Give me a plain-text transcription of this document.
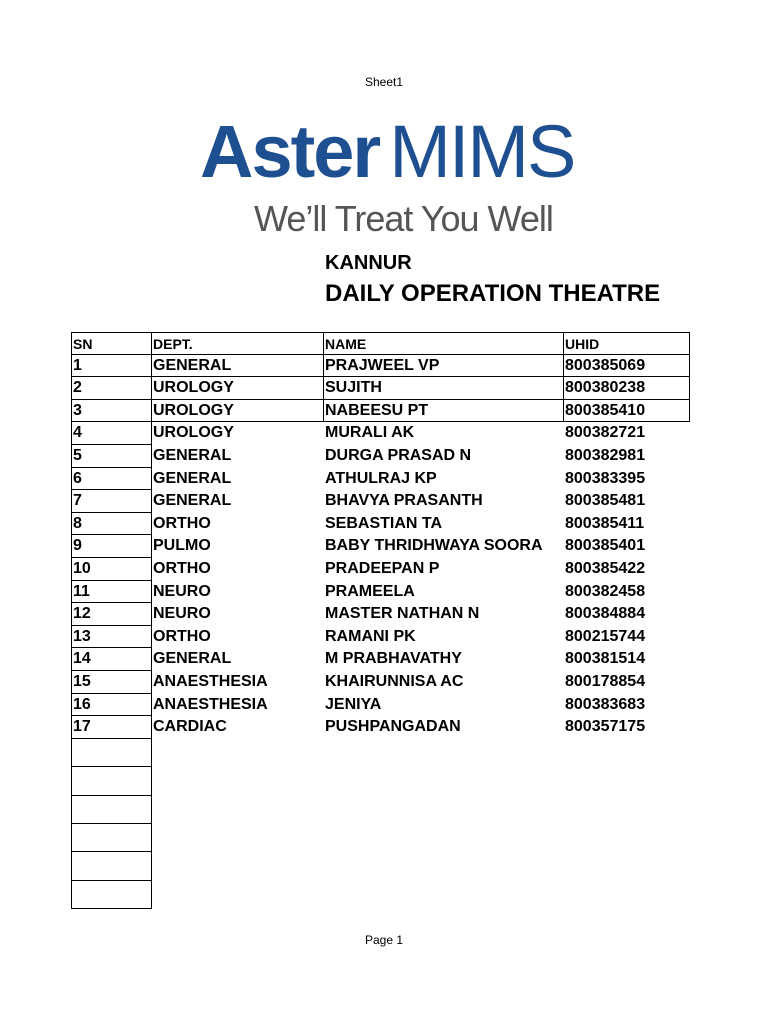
Sheet1
Aster MIMS
We’ll Treat You Well
KANNUR
DAILY OPERATION THEATRE
SN	DEPT.	NAME	UHID
1	GENERAL	PRAJWEEL VP	800385069
2	UROLOGY	SUJITH	800380238
3	UROLOGY	NABEESU PT	800385410
4	UROLOGY	MURALI AK	800382721
5	GENERAL	DURGA PRASAD N	800382981
6	GENERAL	ATHULRAJ KP	800383395
7	GENERAL	BHAVYA PRASANTH	800385481
8	ORTHO	SEBASTIAN TA	800385411
9	PULMO	BABY THRIDHWAYA SOORA	800385401
10	ORTHO	PRADEEPAN P	800385422
11	NEURO	PRAMEELA	800382458
12	NEURO	MASTER NATHAN N	800384884
13	ORTHO	RAMANI PK	800215744
14	GENERAL	M PRABHAVATHY	800381514
15	ANAESTHESIA	KHAIRUNNISA AC	800178854
16	ANAESTHESIA	JENIYA	800383683
17	CARDIAC	PUSHPANGADAN	800357175
Page 1
